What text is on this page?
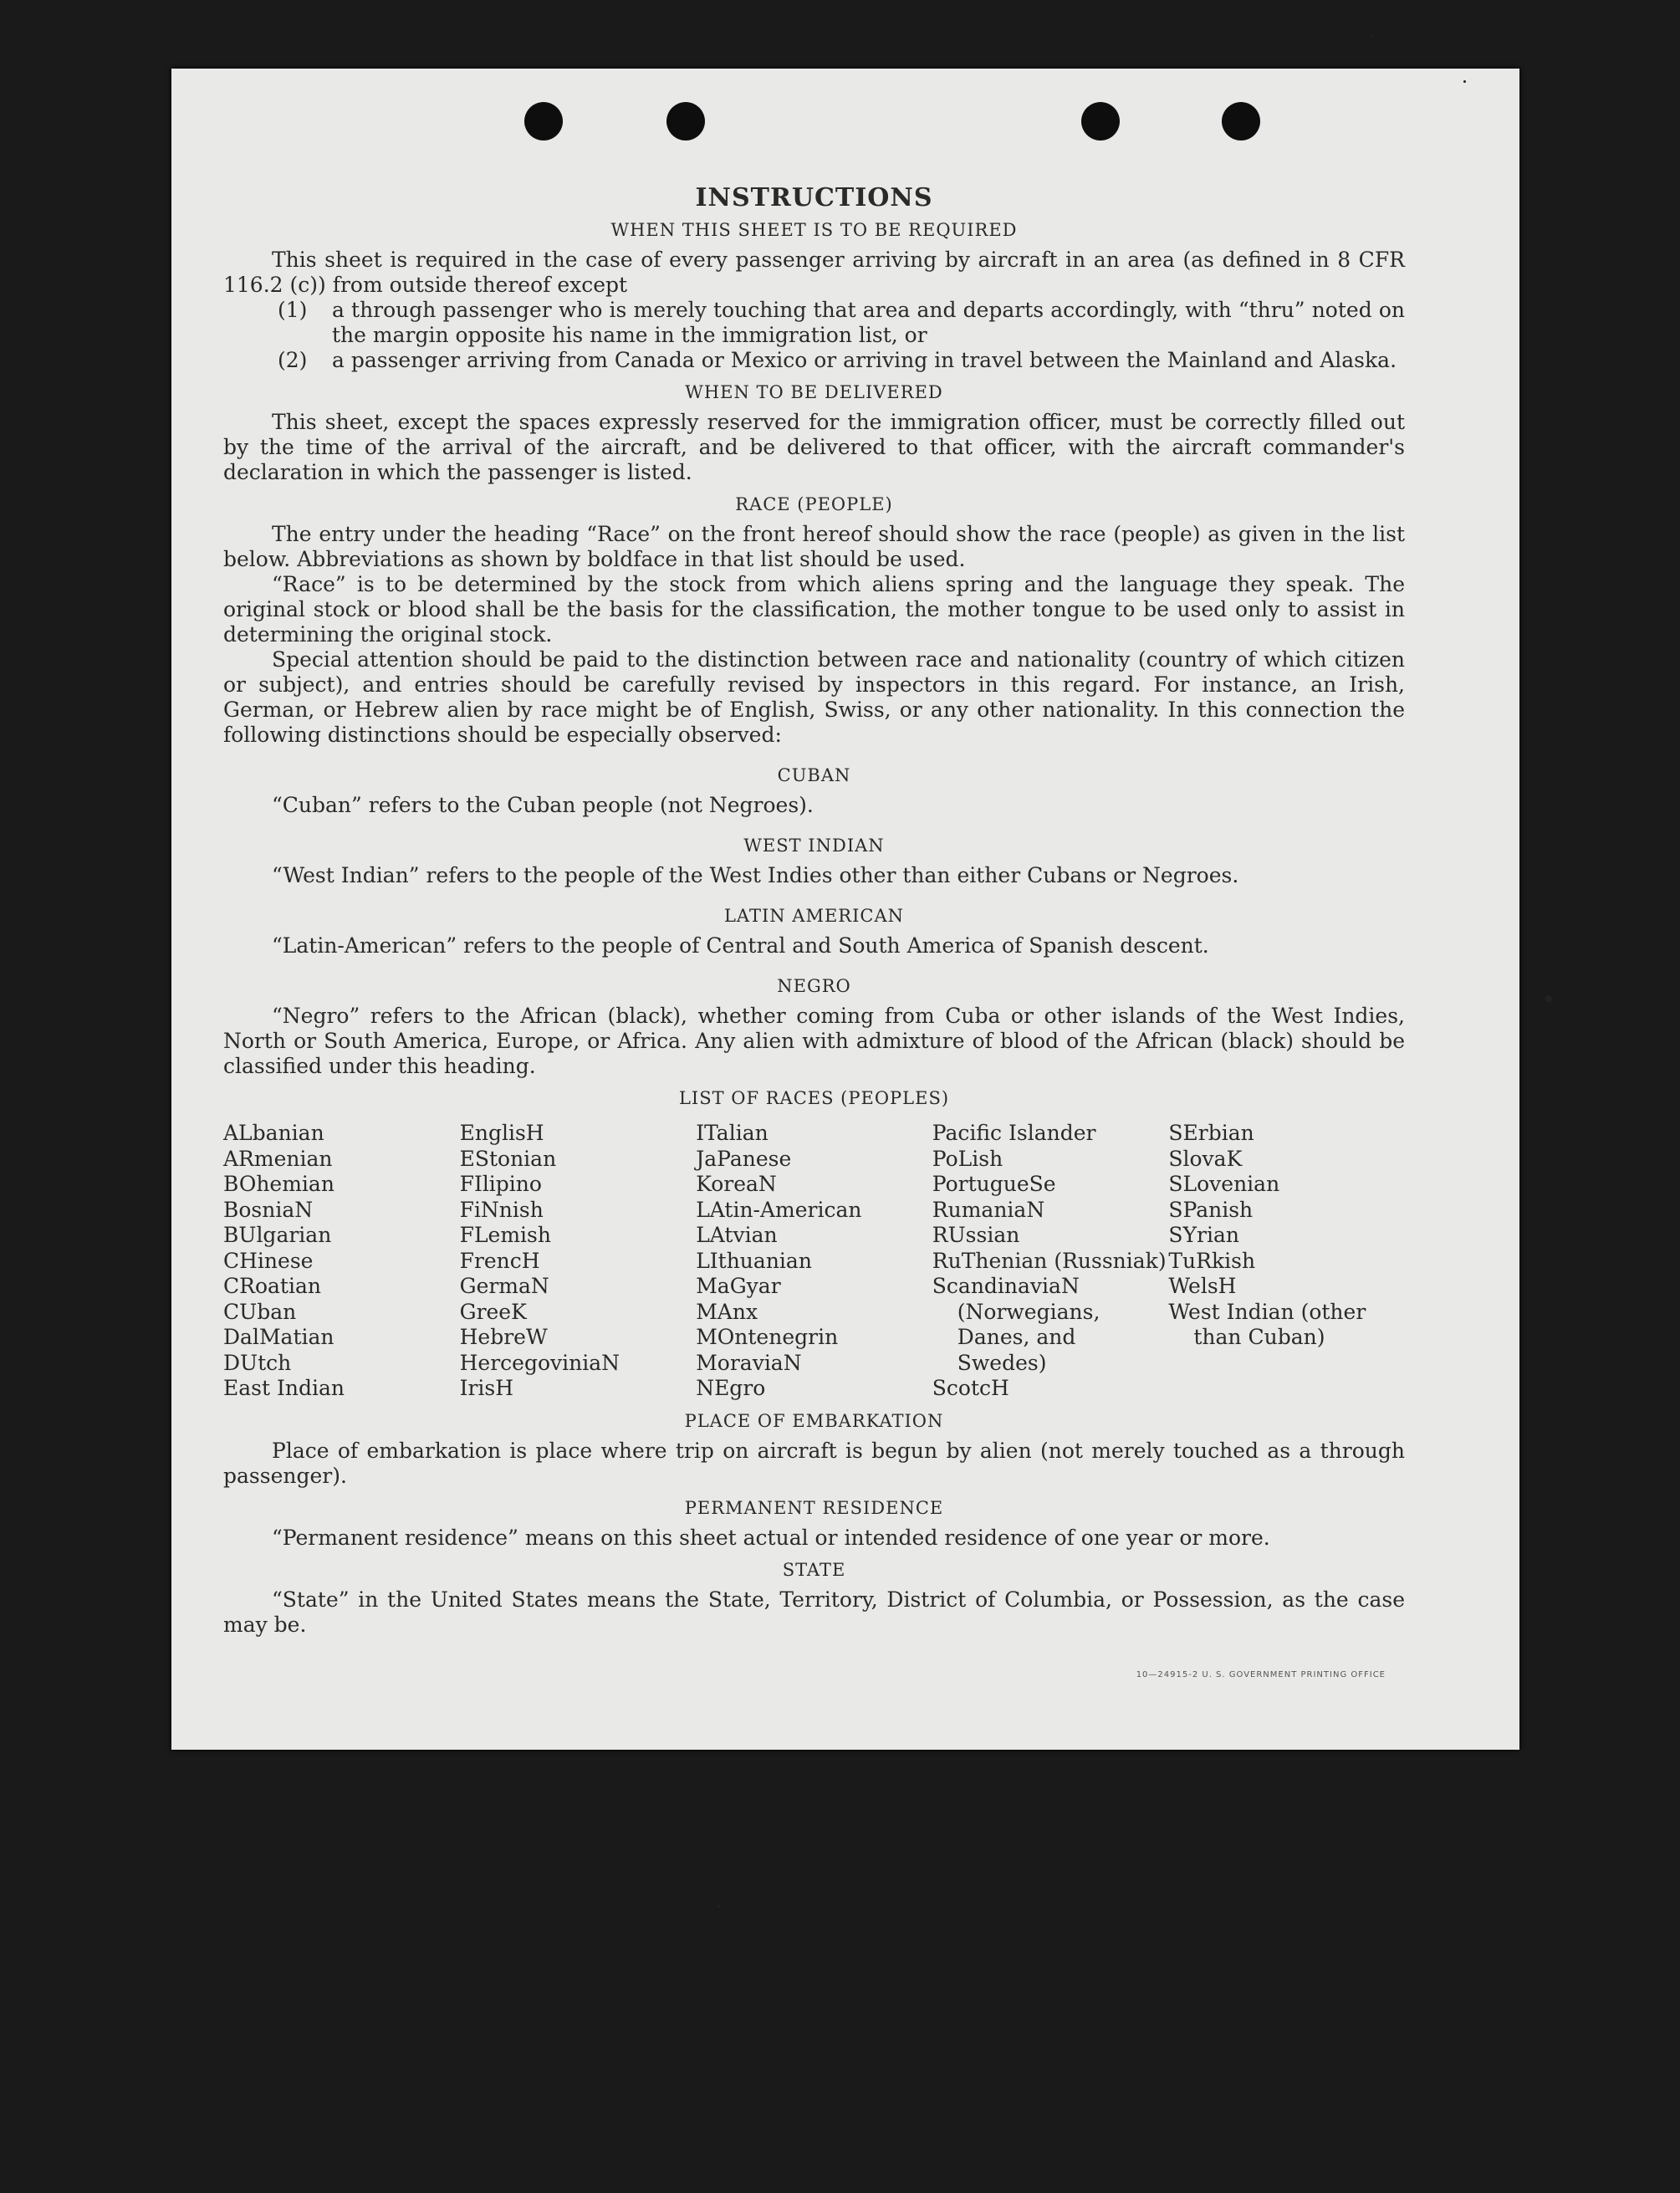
INSTRUCTIONS
WHEN THIS SHEET IS TO BE REQUIRED

This sheet is required in the case of every passenger arriving by aircraft in an area (as defined in 8 CFR 116.2 (c)) from outside thereof except

(1)	a through passenger who is merely touching that area and departs accordingly, with “thru” noted on the margin opposite his name in the immigration list, or
(2)	a passenger arriving from Canada or Mexico or arriving in travel between the Mainland and Alaska.
WHEN TO BE DELIVERED

This sheet, except the spaces expressly reserved for the immigration officer, must be correctly filled out by the time of the arrival of the aircraft, and be delivered to that officer, with the aircraft commander's declaration in which the passenger is listed.

RACE (PEOPLE)

The entry under the heading “Race” on the front hereof should show the race (people) as given in the list below. Abbreviations as shown by boldface in that list should be used.

“Race” is to be determined by the stock from which aliens spring and the language they speak. The original stock or blood shall be the basis for the classification, the mother tongue to be used only to assist in determining the original stock.

Special attention should be paid to the distinction between race and nationality (country of which citizen or subject), and entries should be carefully revised by inspectors in this regard. For instance, an Irish, German, or Hebrew alien by race might be of English, Swiss, or any other nationality. In this connection the following distinctions should be especially observed:

CUBAN

“Cuban” refers to the Cuban people (not Negroes).

WEST INDIAN

“West Indian” refers to the people of the West Indies other than either Cubans or Negroes.

LATIN AMERICAN

“Latin-American” refers to the people of Central and South America of Spanish descent.

NEGRO

“Negro” refers to the African (black), whether coming from Cuba or other islands of the West Indies, North or South America, Europe, or Africa. Any alien with admixture of blood of the African (black) should be classified under this heading.

LIST OF RACES (PEOPLES)
ALbanian
ARmenian
BOhemian
BosniaN
BUlgarian
CHinese
CRoatian
CUban
DalMatian
DUtch
East Indian
EnglisH
EStonian
FIlipino
FiNnish
FLemish
FrencH
GermaN
GreeK
HebreW
HercegoviniaN
IrisH
ITalian
JaPanese
KoreaN
LAtin-American
LAtvian
LIthuanian
MaGyar
MAnx
MOntenegrin
MoraviaN
NEgro
Pacific Islander
PoLish
PortugueSe
RumaniaN
RUssian
RuThenian (Russniak)
ScandinaviaN (Norwegians, Danes, and Swedes)
ScotcH
SErbian
SlovaK
SLovenian
SPanish
SYrian
TuRkish
WelsH
West Indian (other than Cuban)
PLACE OF EMBARKATION

Place of embarkation is place where trip on aircraft is begun by alien (not merely touched as a through passenger).

PERMANENT RESIDENCE

“Permanent residence” means on this sheet actual or intended residence of one year or more.

STATE

“State” in the United States means the State, Territory, District of Columbia, or Possession, as the case may be.

10—24915-2 U. S. GOVERNMENT PRINTING OFFICE
